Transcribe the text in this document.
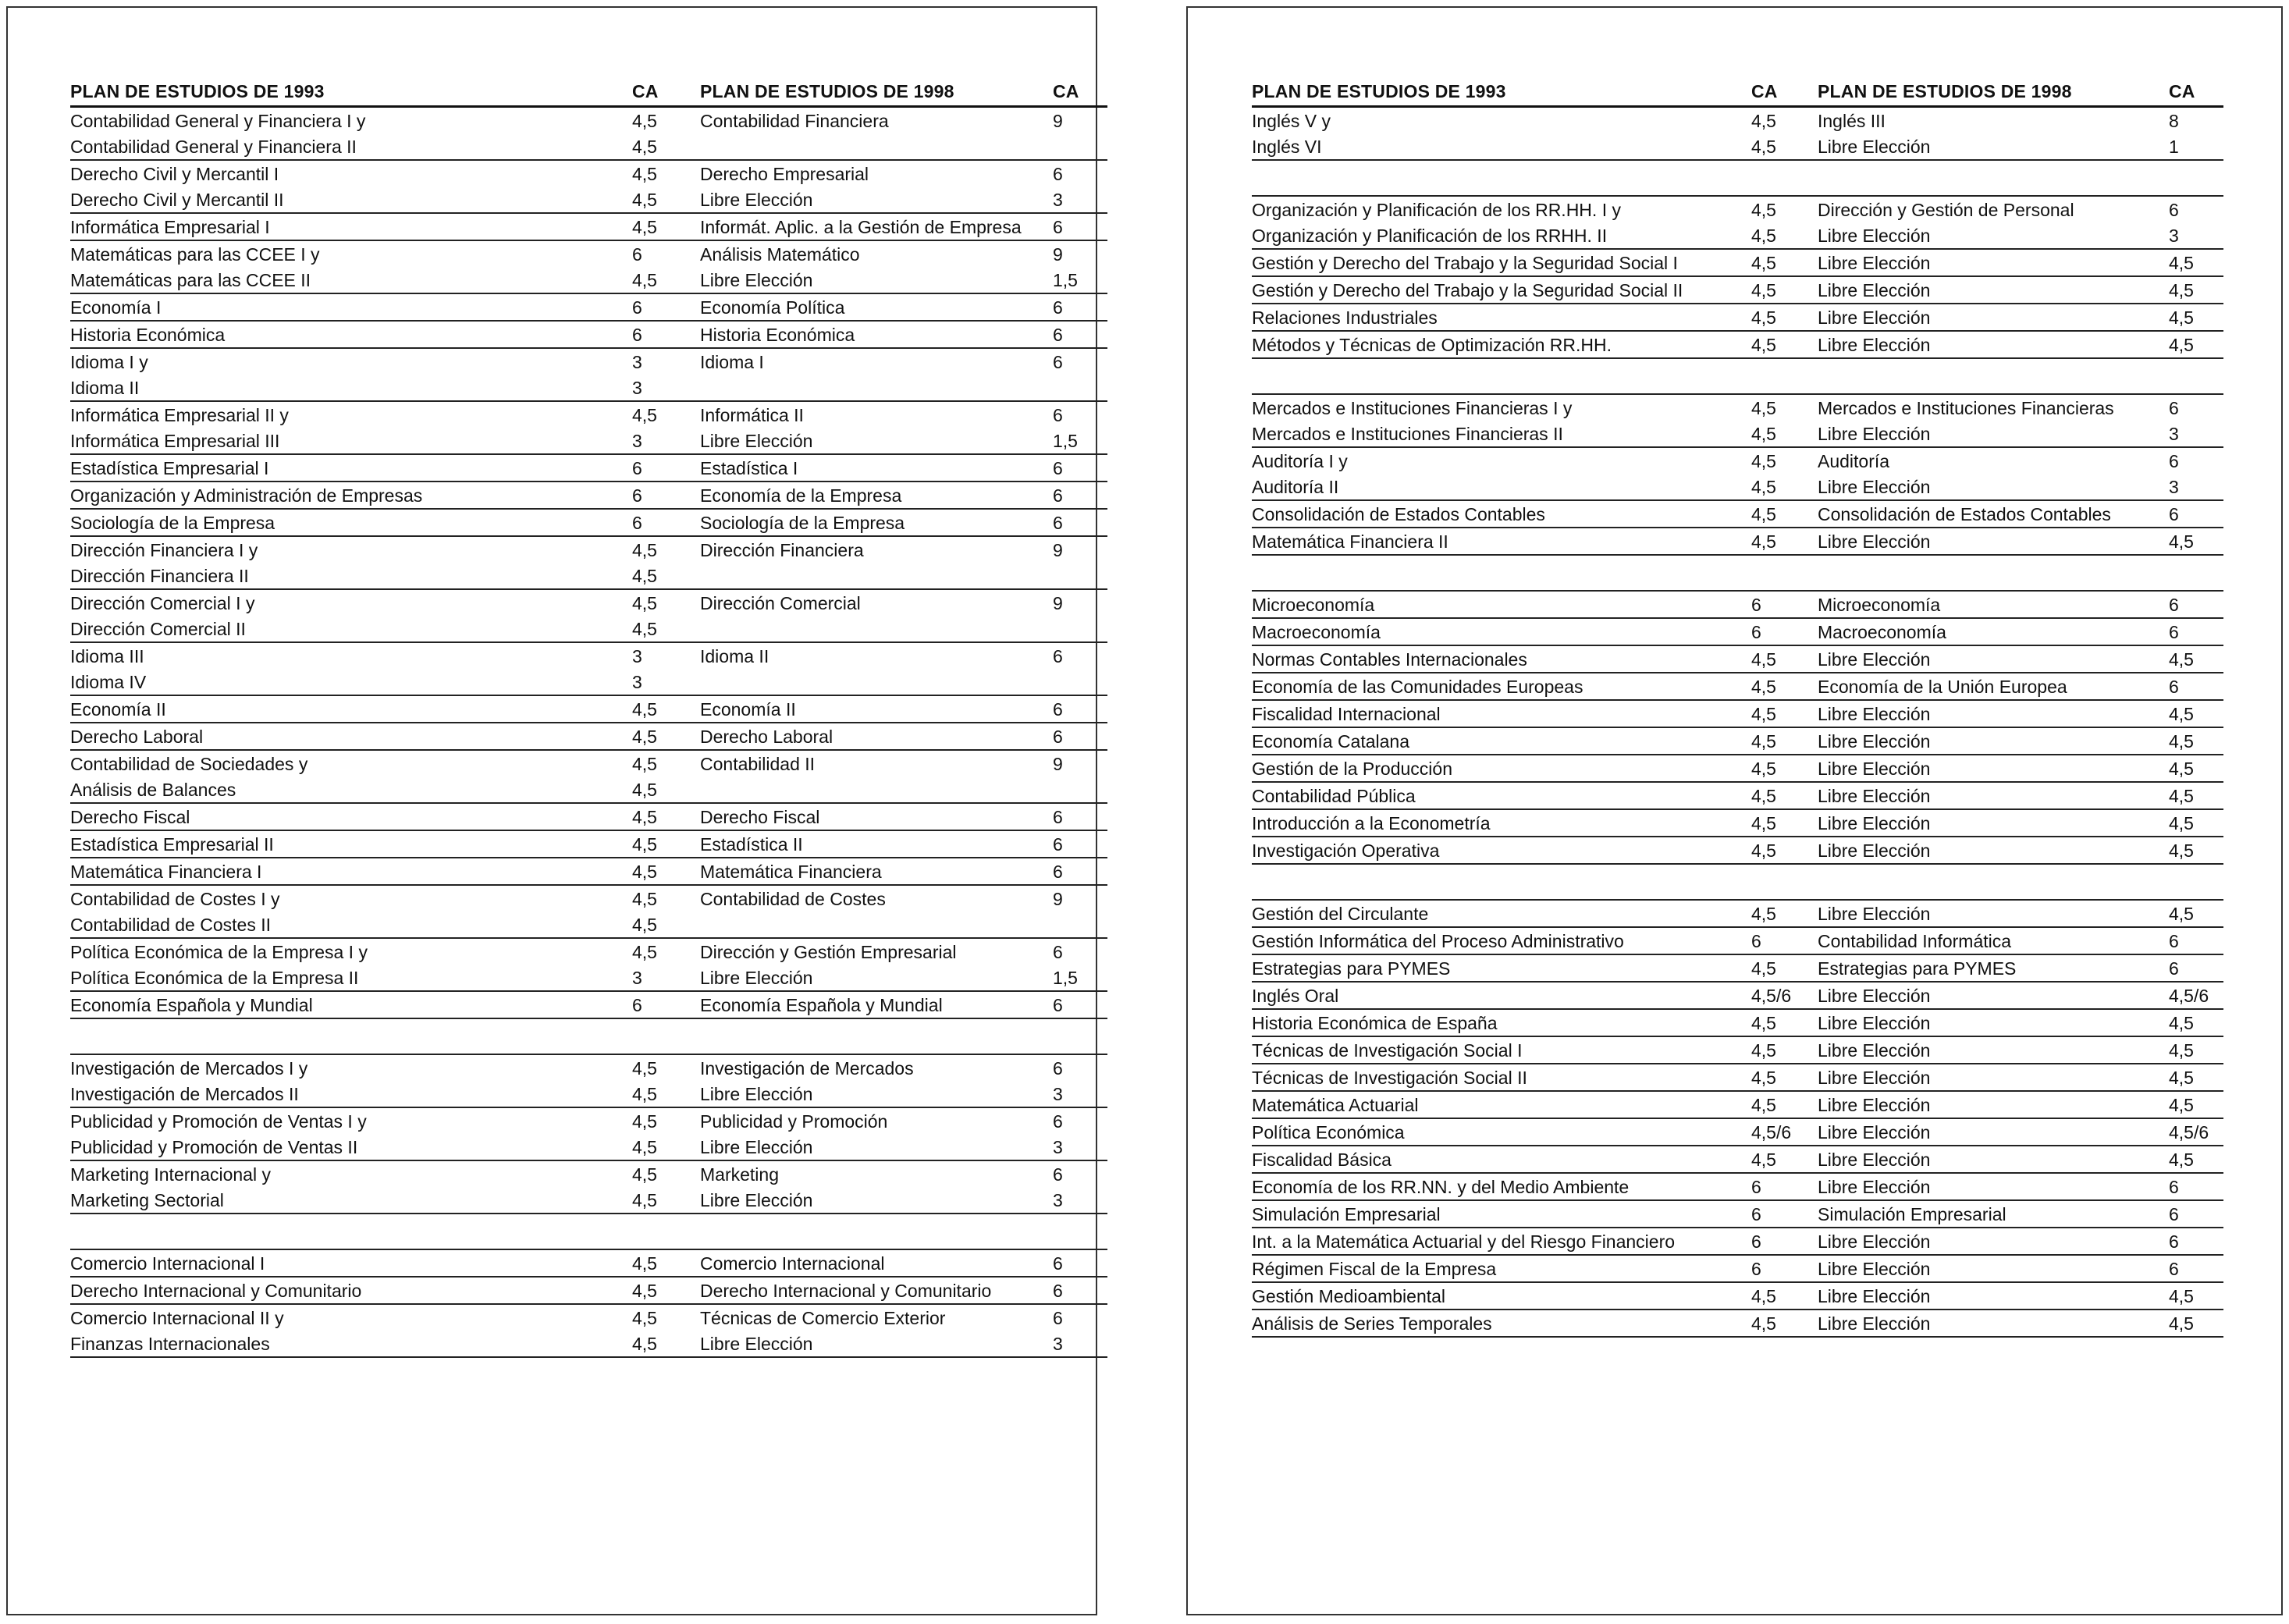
PLAN DE ESTUDIOS DE 1993	CA	PLAN DE ESTUDIOS DE 1998	CA
Contabilidad General y Financiera I y	4,5	Contabilidad Financiera	9
Contabilidad General y Financiera II	4,5
Derecho Civil y Mercantil I	4,5	Derecho Empresarial	6
Derecho Civil y Mercantil II	4,5	Libre Elección	3
Informática Empresarial I	4,5	Informát. Aplic. a la Gestión de Empresa	6
Matemáticas para las CCEE I y	6	Análisis Matemático	9
Matemáticas para las CCEE II	4,5	Libre Elección	1,5
Economía I	6	Economía Política	6
Historia Económica	6	Historia Económica	6
Idioma I y	3	Idioma I	6
Idioma II	3
Informática Empresarial II y	4,5	Informática II	6
Informática Empresarial III	3	Libre Elección	1,5
Estadística Empresarial I	6	Estadística I	6
Organización y Administración de Empresas	6	Economía de la Empresa	6
Sociología de la Empresa	6	Sociología de la Empresa	6
Dirección Financiera I y	4,5	Dirección Financiera	9
Dirección Financiera II	4,5
Dirección Comercial I y	4,5	Dirección Comercial	9
Dirección Comercial II	4,5
Idioma III	3	Idioma II	6
Idioma IV	3
Economía II	4,5	Economía II	6
Derecho Laboral	4,5	Derecho Laboral	6
Contabilidad de Sociedades y	4,5	Contabilidad II	9
Análisis de Balances	4,5
Derecho Fiscal	4,5	Derecho Fiscal	6
Estadística Empresarial II	4,5	Estadística II	6
Matemática Financiera I	4,5	Matemática Financiera	6
Contabilidad de Costes I y	4,5	Contabilidad de Costes	9
Contabilidad de Costes II	4,5
Política Económica de la Empresa I y	4,5	Dirección y Gestión Empresarial	6
Política Económica de la Empresa II	3	Libre Elección	1,5
Economía Española y Mundial	6	Economía Española y Mundial	6
Investigación de Mercados I y	4,5	Investigación de Mercados	6
Investigación de Mercados II	4,5	Libre Elección	3
Publicidad y Promoción de Ventas I y	4,5	Publicidad y Promoción	6
Publicidad y Promoción de Ventas II	4,5	Libre Elección	3
Marketing Internacional y	4,5	Marketing	6
Marketing Sectorial	4,5	Libre Elección	3
Comercio Internacional I	4,5	Comercio Internacional	6
Derecho Internacional y Comunitario	4,5	Derecho Internacional y Comunitario	6
Comercio Internacional II y	4,5	Técnicas de Comercio Exterior	6
Finanzas Internacionales	4,5	Libre Elección	3
PLAN DE ESTUDIOS DE 1993	CA	PLAN DE ESTUDIOS DE 1998	CA
Inglés V y	4,5	Inglés III	8
Inglés VI	4,5	Libre Elección	1
Organización y Planificación de los RR.HH. I y	4,5	Dirección y Gestión de Personal	6
Organización y Planificación de los RRHH. II	4,5	Libre Elección	3
Gestión y Derecho del Trabajo y la Seguridad Social I	4,5	Libre Elección	4,5
Gestión y Derecho del Trabajo y la Seguridad Social II	4,5	Libre Elección	4,5
Relaciones Industriales	4,5	Libre Elección	4,5
Métodos y Técnicas de Optimización RR.HH.	4,5	Libre Elección	4,5
Mercados e Instituciones Financieras I y	4,5	Mercados e Instituciones Financieras	6
Mercados e Instituciones Financieras II	4,5	Libre Elección	3
Auditoría I y	4,5	Auditoría	6
Auditoría II	4,5	Libre Elección	3
Consolidación de Estados Contables	4,5	Consolidación de Estados Contables	6
Matemática Financiera II	4,5	Libre Elección	4,5
Microeconomía	6	Microeconomía	6
Macroeconomía	6	Macroeconomía	6
Normas Contables Internacionales	4,5	Libre Elección	4,5
Economía de las Comunidades Europeas	4,5	Economía de la Unión Europea	6
Fiscalidad Internacional	4,5	Libre Elección	4,5
Economía Catalana	4,5	Libre Elección	4,5
Gestión de la Producción	4,5	Libre Elección	4,5
Contabilidad Pública	4,5	Libre Elección	4,5
Introducción a la Econometría	4,5	Libre Elección	4,5
Investigación Operativa	4,5	Libre Elección	4,5
Gestión del Circulante	4,5	Libre Elección	4,5
Gestión Informática del Proceso Administrativo	6	Contabilidad Informática	6
Estrategias para PYMES	4,5	Estrategias para PYMES	6
Inglés Oral	4,5/6	Libre Elección	4,5/6
Historia Económica de España	4,5	Libre Elección	4,5
Técnicas de Investigación Social I	4,5	Libre Elección	4,5
Técnicas de Investigación Social II	4,5	Libre Elección	4,5
Matemática Actuarial	4,5	Libre Elección	4,5
Política Económica	4,5/6	Libre Elección	4,5/6
Fiscalidad Básica	4,5	Libre Elección	4,5
Economía de los RR.NN. y del Medio Ambiente	6	Libre Elección	6
Simulación Empresarial	6	Simulación Empresarial	6
Int. a la Matemática Actuarial y del Riesgo Financiero	6	Libre Elección	6
Régimen Fiscal de la Empresa	6	Libre Elección	6
Gestión Medioambiental	4,5	Libre Elección	4,5
Análisis de Series Temporales	4,5	Libre Elección	4,5
